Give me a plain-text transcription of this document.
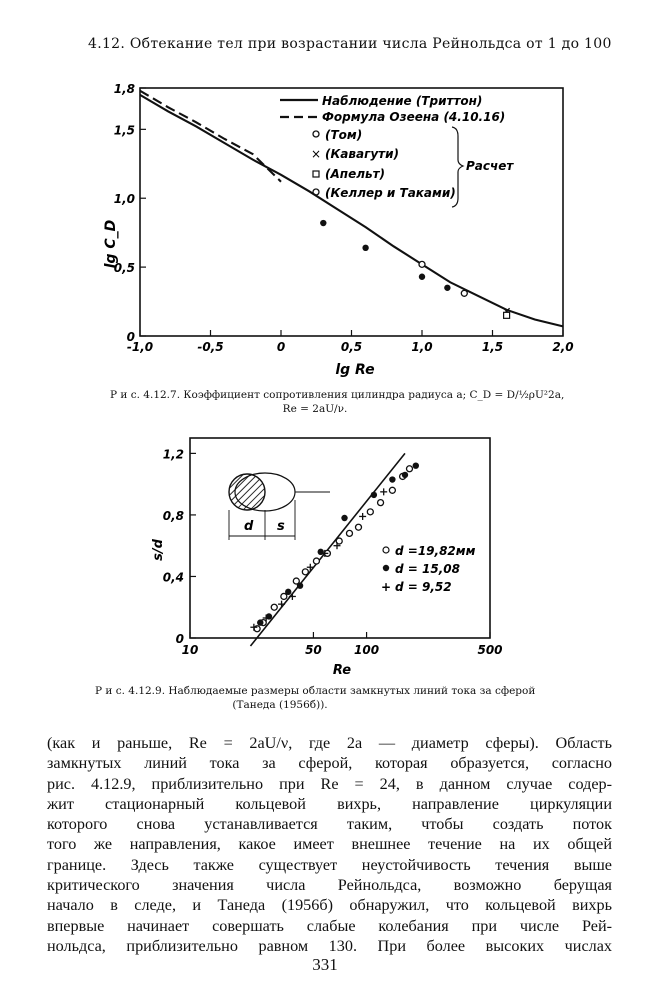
4.12. Обтекание тел при возрастании числа Рейнольдса от 1 до 100
-1,0	-0,5	0	0,5	1,0	1,5	2,0
0
0,5
1,0
1,5
1,8
Наблюдение (Триттон)
Формула Озеена (4.10.16)
(Том)
× (Кавагути)
(Апельт)
(Келлер и Таками)
Расчет
lg C_D
lg Re
Р и с. 4.12.7. Коэффициент сопротивления цилиндра радиуса a; C_D = D/½ρU²2a,
Re = 2aU/ν.
10	50	100	500
0
0,4
0,8
1,2
d s
d =19,82мм
d = 15,08
+ d = 9,52
s/d
Re
Р и с. 4.12.9. Наблюдаемые размеры области замкнутых линий тока за сферой
(Танеда (1956б)).
(как и раньше, Re = 2aU/ν, где 2a — диаметр сферы). Область
замкнутых линий тока за сферой, которая образуется, согласно
рис. 4.12.9, приблизительно при Re = 24, в данном случае содер-
жит стационарный кольцевой вихрь, направление циркуляции
которого снова устанавливается таким, чтобы создать поток
того же направления, какое имеет внешнее течение на их общей
границе. Здесь также существует неустойчивость течения выше
критического значения числа Рейнольдса, возможно берущая
начало в следе, и Танеда (1956б) обнаружил, что кольцевой вихрь
впервые начинает совершать слабые колебания при числе Рей-
нольдса, приблизительно равном 130. При более высоких числах
331
